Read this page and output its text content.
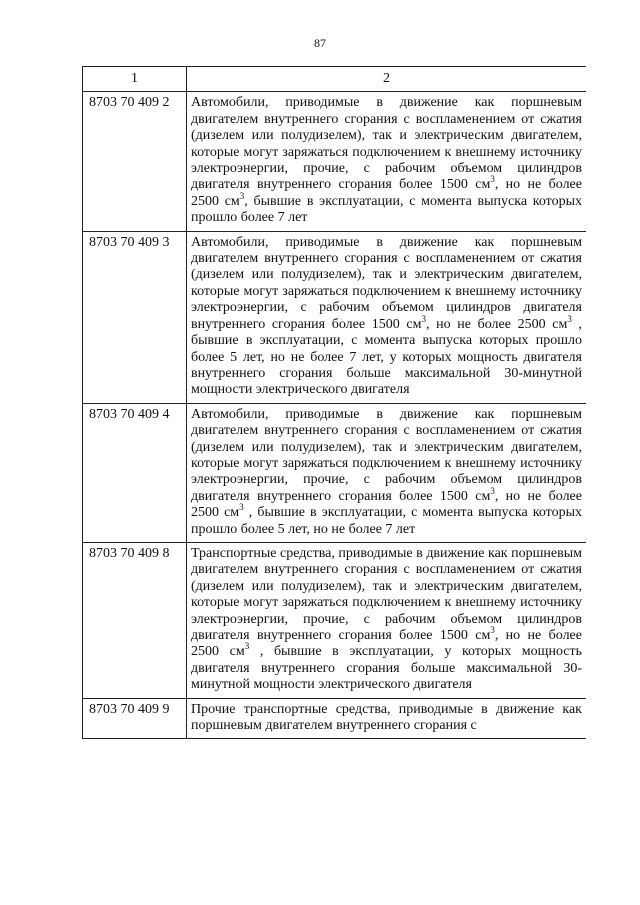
87
1	2
8703 70 409 2	Автомобили, приводимые в движение как поршневым двигателем внутреннего сгорания с воспламенением от сжатия (дизелем или полудизелем), так и электрическим двигателем, которые могут заряжаться подключением к внешнему источнику электроэнергии, прочие, с рабочим объемом цилиндров двигателя внутреннего сгорания более 1500 $см^3$, но не более 2500 $см^3$, бывшие в эксплуатации, с момента выпуска которых прошло более 7 лет
8703 70 409 3	Автомобили, приводимые в движение как поршневым двигателем внутреннего сгорания с воспламенением от сжатия (дизелем или полудизелем), так и электрическим двигателем, которые могут заряжаться подключением к внешнему источнику электроэнергии, с рабочим объемом цилиндров двигателя внутреннего сгорания более 1500 $см^3$, но не более 2500 $см^3$ , бывшие в эксплуатации, с момента выпуска которых прошло более 5 лет, но не более 7 лет, у которых мощность двигателя внутреннего сгорания больше максимальной 30-минутной мощности электрического двигателя
8703 70 409 4	Автомобили, приводимые в движение как поршневым двигателем внутреннего сгорания с воспламенением от сжатия (дизелем или полудизелем), так и электрическим двигателем, которые могут заряжаться подключением к внешнему источнику электроэнергии, прочие, с рабочим объемом цилиндров двигателя внутреннего сгорания более 1500 $см^3$, но не более 2500 $см^3$ , бывшие в эксплуатации, с момента выпуска которых прошло более 5 лет, но не более 7 лет
8703 70 409 8	Транспортные средства, приводимые в движение как поршневым двигателем внутреннего сгорания с воспламенением от сжатия (дизелем или полудизелем), так и электрическим двигателем, которые могут заряжаться подключением к внешнему источнику электроэнергии, прочие, с рабочим объемом цилиндров двигателя внутреннего сгорания более 1500 $см^3$, но не более 2500 $см^3$ , бывшие в эксплуатации, у которых мощность двигателя внутреннего сгорания больше максимальной 30-минутной мощности электрического двигателя
8703 70 409 9	Прочие транспортные средства, приводимые в движение как поршневым двигателем внутреннего сгорания с
